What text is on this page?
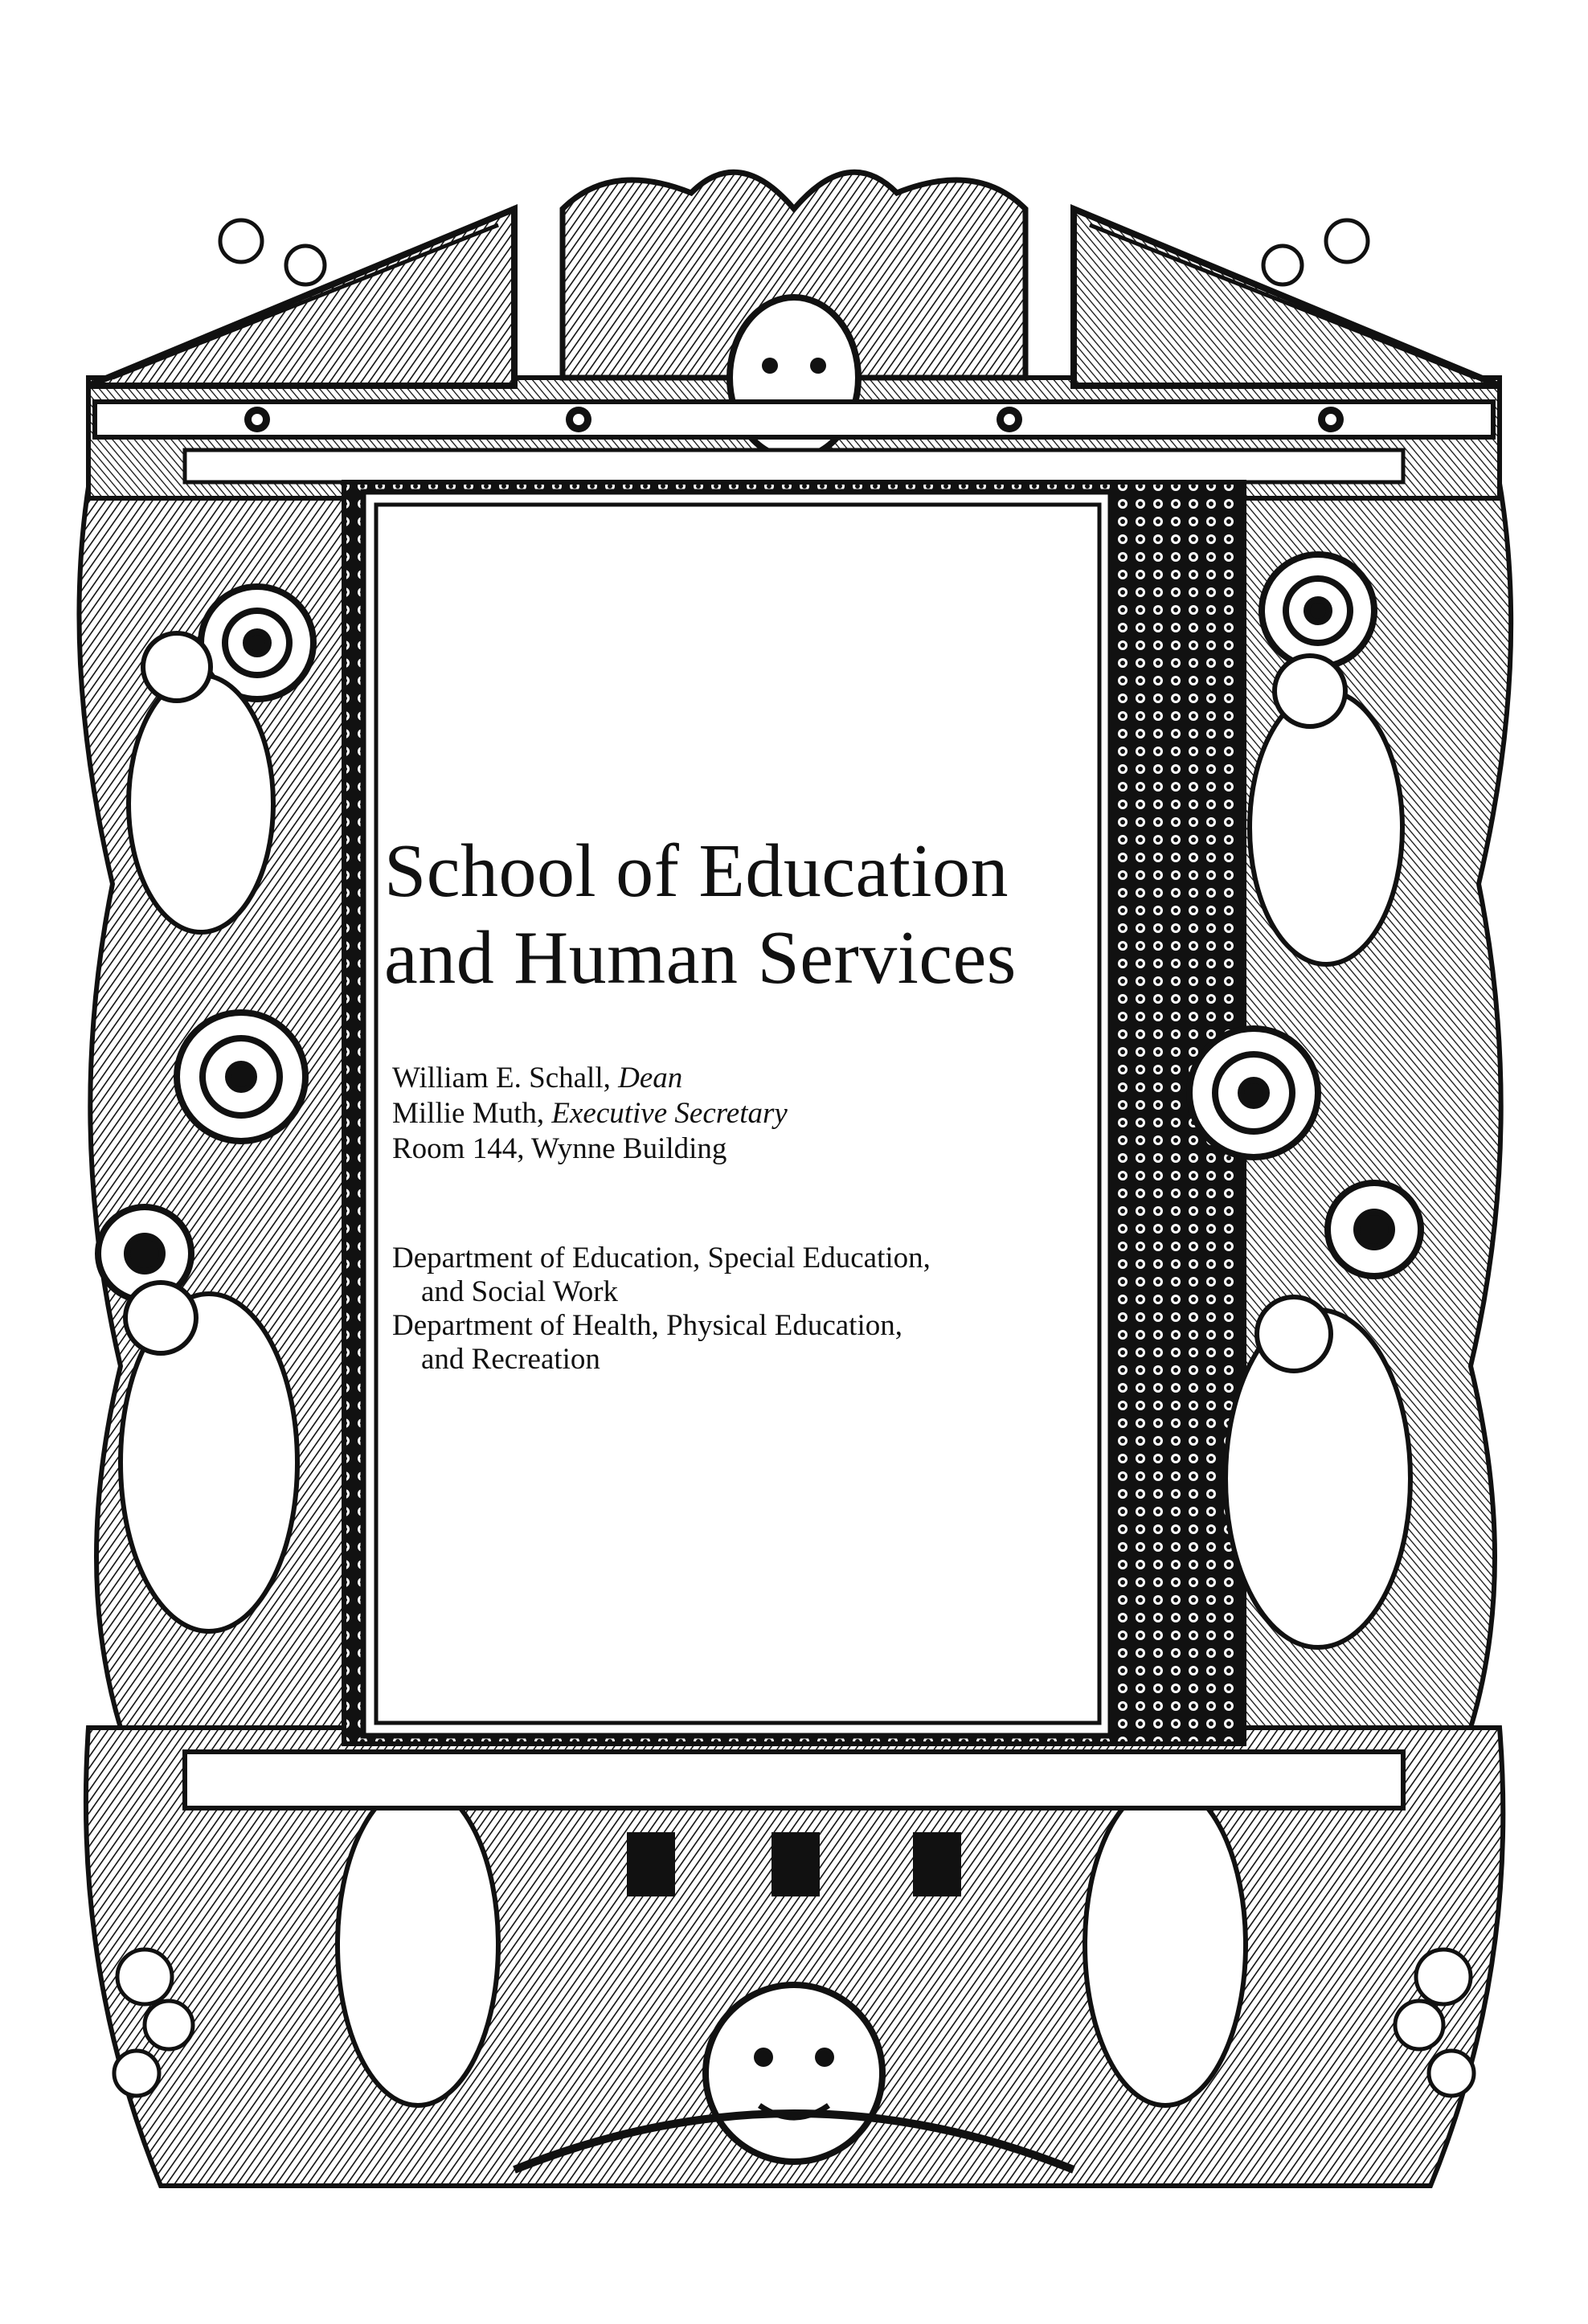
School of Education
and Human Services
William E. Schall, Dean
Millie Muth, Executive Secretary
Room 144, Wynne Building
Department of Education, Special Education,
and Social Work
Department of Health, Physical Education,
and Recreation
